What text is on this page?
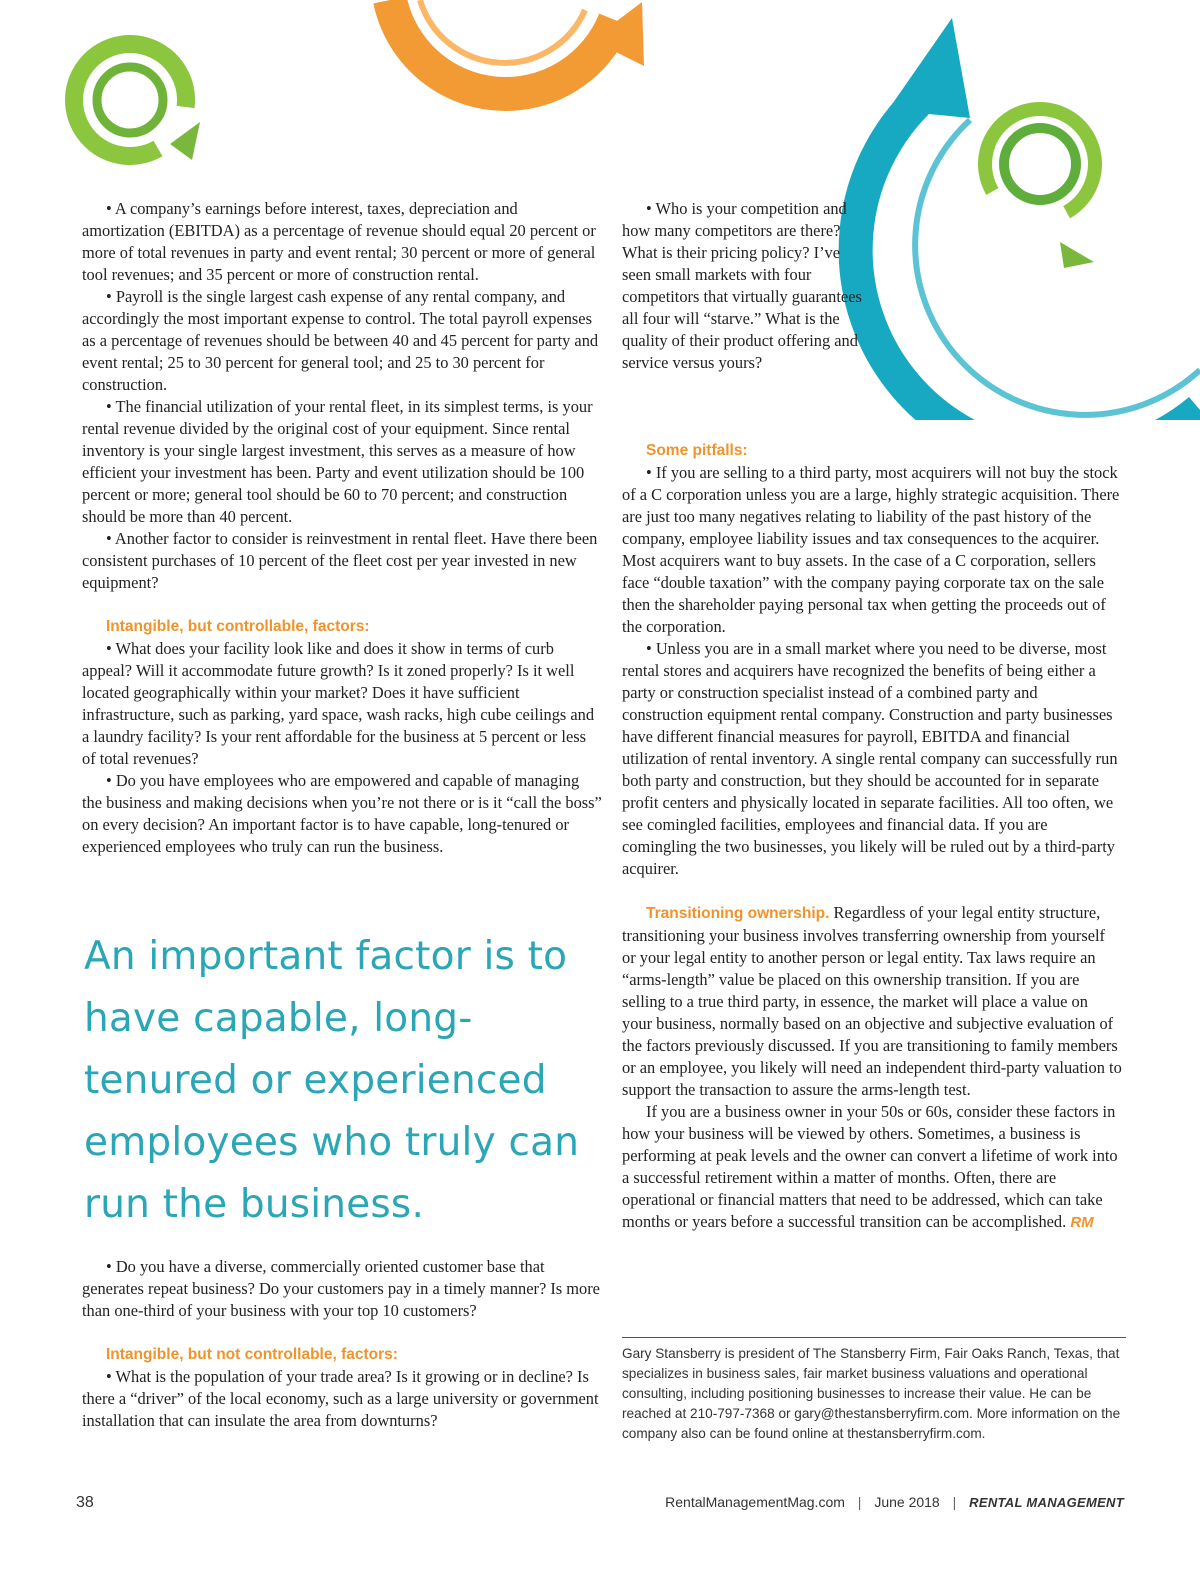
• A company’s earnings before interest, taxes, depreciation and amortization (EBITDA) as a percentage of revenue should equal 20 percent or more of total revenues in party and event rental; 30 percent or more of general tool revenues; and 35 percent or more of construction rental.

• Payroll is the single largest cash expense of any rental company, and accordingly the most important expense to control. The total payroll expenses as a percentage of revenues should be between 40 and 45 percent for party and event rental; 25 to 30 percent for general tool; and 25 to 30 percent for construction.

• The financial utilization of your rental fleet, in its simplest terms, is your rental revenue divided by the original cost of your equipment. Since rental inventory is your single largest investment, this serves as a measure of how efficient your investment has been. Party and event utilization should be 100 percent or more; general tool should be 60 to 70 percent; and construction should be more than 40 percent.

• Another factor to consider is reinvestment in rental fleet. Have there been consistent purchases of 10 percent of the fleet cost per year invested in new equipment?

Intangible, but controllable, factors:

• What does your facility look like and does it show in terms of curb appeal? Will it accommodate future growth? Is it zoned properly? Is it well located geographically within your market? Does it have sufficient infrastructure, such as parking, yard space, wash racks, high cube ceilings and a laundry facility? Is your rent affordable for the business at 5 percent or less of total revenues?

• Do you have employees who are empowered and capable of managing the business and making decisions when you’re not there or is it “call the boss” on every decision? An important factor is to have capable, long-tenured or experienced employees who truly can run the business.

An important factor is to have capable, long-tenured or experienced employees who truly can run the business.

• Do you have a diverse, commercially oriented customer base that generates repeat business? Do your customers pay in a timely manner? Is more than one-third of your business with your top 10 customers?

Intangible, but not controllable, factors:

• What is the population of your trade area? Is it growing or in decline? Is there a “driver” of the local economy, such as a large university or government installation that can insulate the area from downturns?

• Who is your competition and how many competitors are there? What is their pricing policy? I’ve seen small markets with four competitors that virtually guarantees all four will “starve.” What is the quality of their product offering and service versus yours?

Some pitfalls:

• If you are selling to a third party, most acquirers will not buy the stock of a C corporation unless you are a large, highly strategic acquisition. There are just too many negatives relating to liability of the past history of the company, employee liability issues and tax consequences to the acquirer. Most acquirers want to buy assets. In the case of a C corporation, sellers face “double taxation” with the company paying corporate tax on the sale then the shareholder paying personal tax when getting the proceeds out of the corporation.

• Unless you are in a small market where you need to be diverse, most rental stores and acquirers have recognized the benefits of being either a party or construction specialist instead of a combined party and construction equipment rental company. Construction and party businesses have different financial measures for payroll, EBITDA and financial utilization of rental inventory. A single rental company can successfully run both party and construction, but they should be accounted for in separate profit centers and physically located in separate facilities. All too often, we see comingled facilities, employees and financial data. If you are comingling the two businesses, you likely will be ruled out by a third-party acquirer.

Transitioning ownership. Regardless of your legal entity structure, transitioning your business involves transferring ownership from yourself or your legal entity to another person or legal entity. Tax laws require an “arms-length” value be placed on this ownership transition. If you are selling to a true third party, in essence, the market will place a value on your business, normally based on an objective and subjective evaluation of the factors previously discussed. If you are transitioning to family members or an employee, you likely will need an independent third-party valuation to support the transaction to assure the arms-length test.

If you are a business owner in your 50s or 60s, consider these factors in how your business will be viewed by others. Sometimes, a business is performing at peak levels and the owner can convert a lifetime of work into a successful retirement within a matter of months. Often, there are operational or financial matters that need to be addressed, which can take months or years before a successful transition can be accomplished. RM

Gary Stansberry is president of The Stansberry Firm, Fair Oaks Ranch, Texas, that specializes in business sales, fair market business valuations and operational consulting, including positioning businesses to increase their value. He can be reached at 210-797-7368 or gary@thestansberryfirm.com. More information on the company also can be found online at thestansberryfirm.com.
38	RentalManagementMag.com | June 2018 | RENTAL MANAGEMENT
